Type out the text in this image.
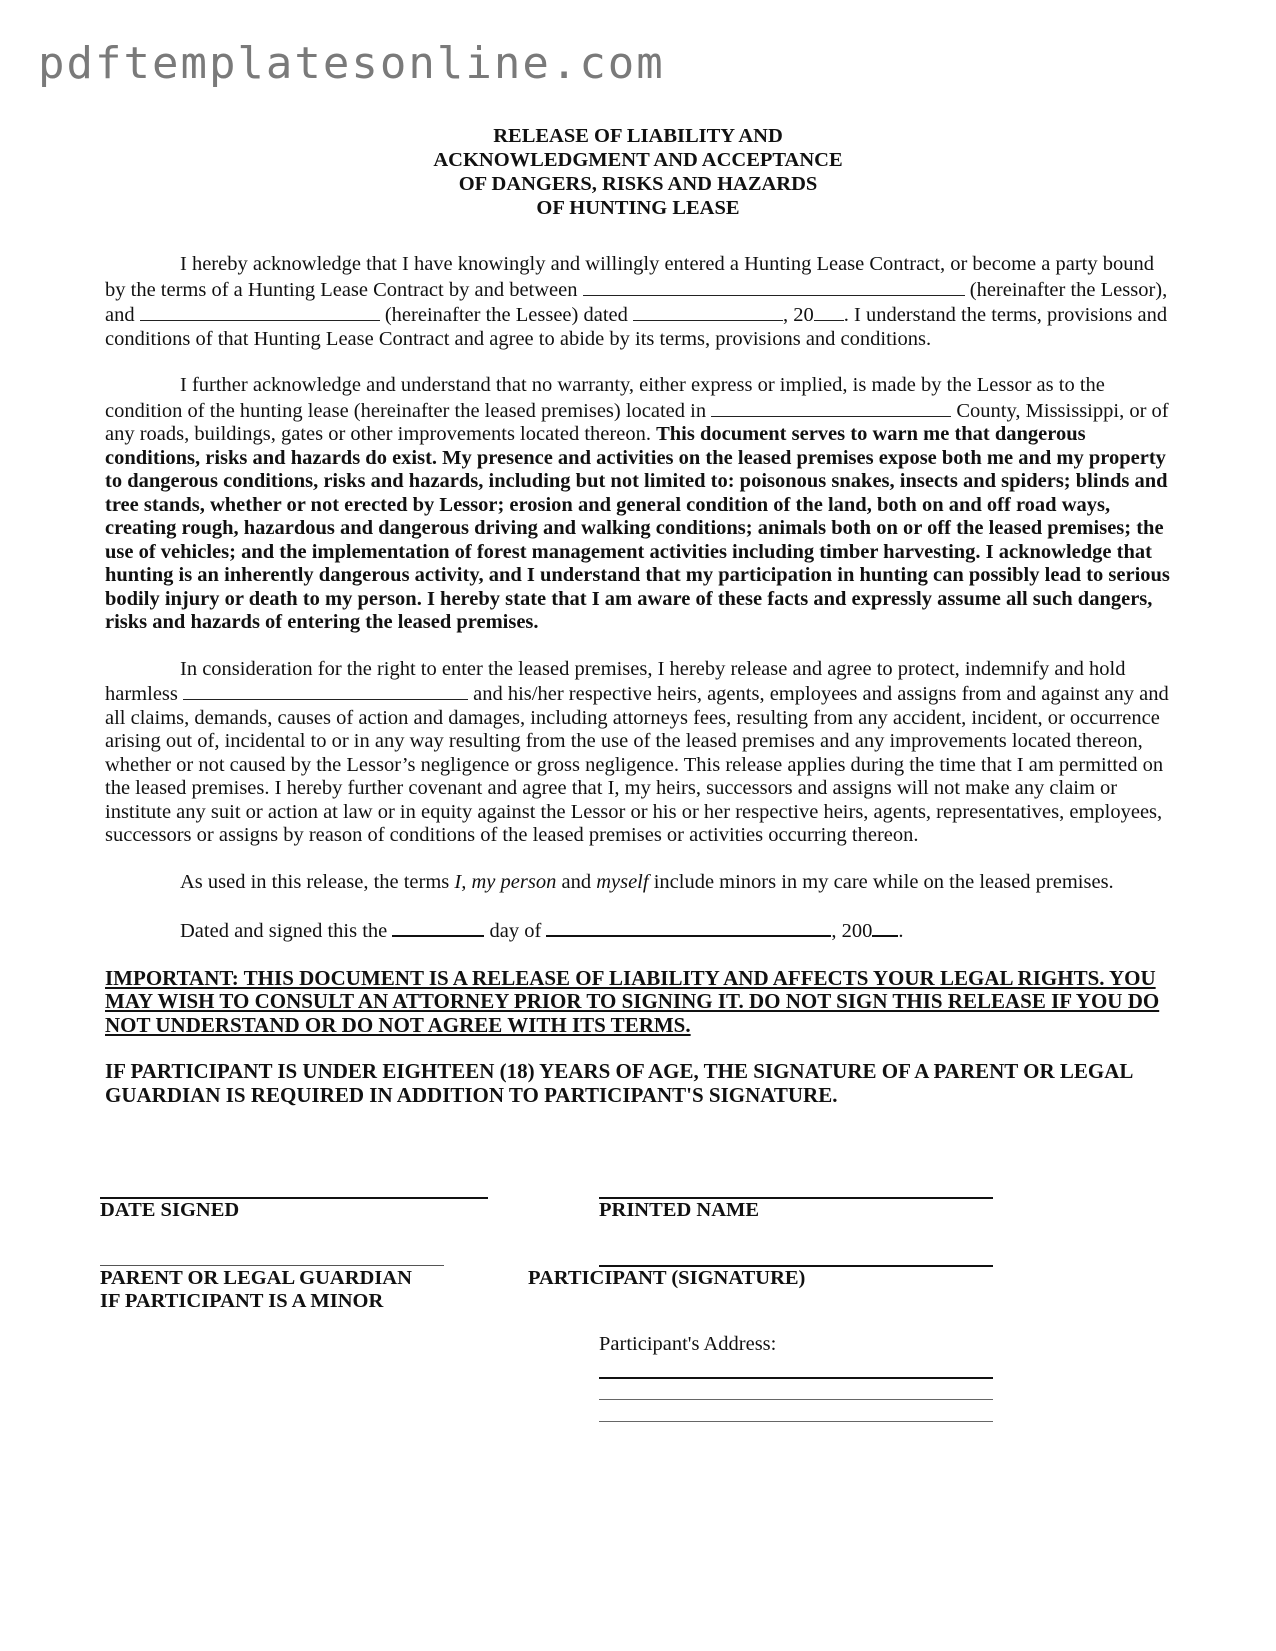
pdftemplatesonline.com
RELEASE OF LIABILITY AND
ACKNOWLEDGMENT AND ACCEPTANCE
OF DANGERS, RISKS AND HAZARDS
OF HUNTING LEASE

I hereby acknowledge that I have knowingly and willingly entered a Hunting Lease Contract, or become a party bound by the terms of a Hunting Lease Contract by and between	(hereinafter the Lessor), and	(hereinafter the Lessee) dated	, 20 . I understand the terms, provisions and conditions of that Hunting Lease Contract and agree to abide by its terms, provisions and conditions.

I further acknowledge and understand that no warranty, either express or implied, is made by the Lessor as to the condition of the hunting lease (hereinafter the leased premises) located in	County, Mississippi, or of any roads, buildings, gates or other improvements located thereon. This document serves to warn me that dangerous conditions, risks and hazards do exist. My presence and activities on the leased premises expose both me and my property to dangerous conditions, risks and hazards, including but not limited to: poisonous snakes, insects and spiders; blinds and tree stands, whether or not erected by Lessor; erosion and general condition of the land, both on and off road ways, creating rough, hazardous and dangerous driving and walking conditions; animals both on or off the leased premises; the use of vehicles; and the implementation of forest management activities including timber harvesting. I acknowledge that hunting is an inherently dangerous activity, and I understand that my participation in hunting can possibly lead to serious bodily injury or death to my person. I hereby state that I am aware of these facts and expressly assume all such dangers, risks and hazards of entering the leased premises.

In consideration for the right to enter the leased premises, I hereby release and agree to protect, indemnify and hold harmless	and his/her respective heirs, agents, employees and assigns from and against any and all claims, demands, causes of action and damages, including attorneys fees, resulting from any accident, incident, or occurrence arising out of, incidental to or in any way resulting from the use of the leased premises and any improvements located thereon, whether or not caused by the Lessor’s negligence or gross negligence. This release applies during the time that I am permitted on the leased premises. I hereby further covenant and agree that I, my heirs, successors and assigns will not make any claim or institute any suit or action at law or in equity against the Lessor or his or her respective heirs, agents, representatives, employees, successors or assigns by reason of conditions of the leased premises or activities occurring thereon.

As used in this release, the terms I, my person and myself include minors in my care while on the leased premises.

Dated and signed this the	day of	, 200 .

IMPORTANT: THIS DOCUMENT IS A RELEASE OF LIABILITY AND AFFECTS YOUR LEGAL RIGHTS. YOU MAY WISH TO CONSULT AN ATTORNEY PRIOR TO SIGNING IT. DO NOT SIGN THIS RELEASE IF YOU DO NOT UNDERSTAND OR DO NOT AGREE WITH ITS TERMS.

IF PARTICIPANT IS UNDER EIGHTEEN (18) YEARS OF AGE, THE SIGNATURE OF A PARENT OR LEGAL GUARDIAN IS REQUIRED IN ADDITION TO PARTICIPANT'S SIGNATURE.

DATE SIGNED	PRINTED NAME
PARENT OR LEGAL GUARDIAN
IF PARTICIPANT IS A MINOR
PARTICIPANT (SIGNATURE)
Participant's Address:
